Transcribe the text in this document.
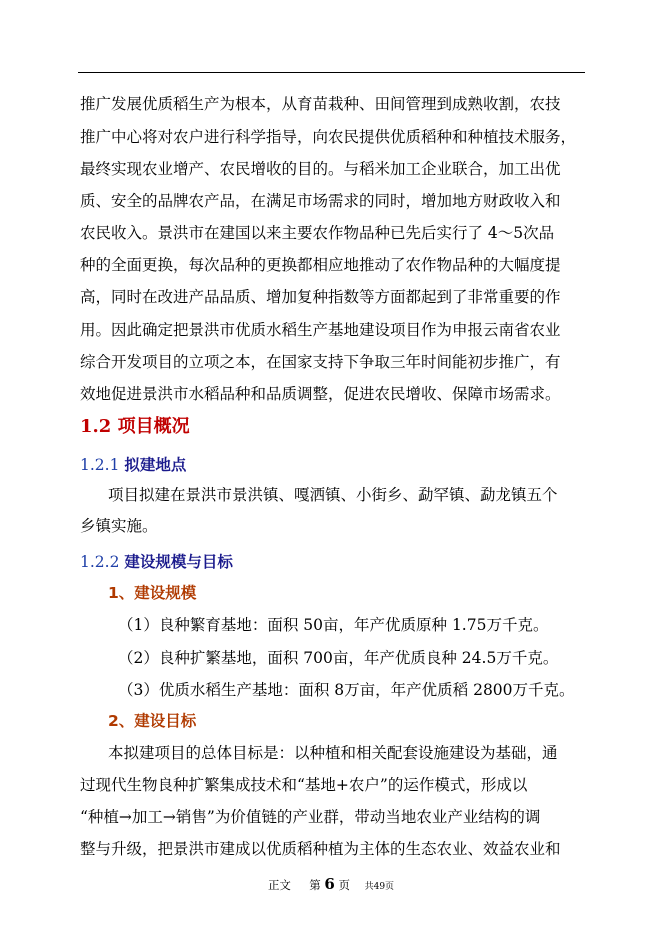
推广发展优质稻生产为根本，从育苗栽种、田间管理到成熟收割，农技
推广中心将对农户进行科学指导，向农民提供优质稻种和种植技术服务，
最终实现农业增产、农民增收的目的。与稻米加工企业联合，加工出优
质、安全的品牌农产品，在满足市场需求的同时，增加地方财政收入和
农民收入。景洪市在建国以来主要农作物品种已先后实行了 4～5次品
种的全面更换，每次品种的更换都相应地推动了农作物品种的大幅度提
高，同时在改进产品品质、增加复种指数等方面都起到了非常重要的作
用。因此确定把景洪市优质水稻生产基地建设项目作为申报云南省农业
综合开发项目的立项之本，在国家支持下争取三年时间能初步推广，有
效地促进景洪市水稻品种和品质调整，促进农民增收、保障市场需求。
1.2 项目概况
1.2.1 拟建地点
项目拟建在景洪市景洪镇、嘎洒镇、小街乡、勐罕镇、勐龙镇五个
乡镇实施。
1.2.2 建设规模与目标
1、建设规模
（1）良种繁育基地：面积 50亩，年产优质原种 1.75万千克。
（2）良种扩繁基地，面积 700亩，年产优质良种 24.5万千克。
（3）优质水稻生产基地：面积 8万亩，年产优质稻 2800万千克。
2、建设目标
本拟建项目的总体目标是：以种植和相关配套设施建设为基础，通
过现代生物良种扩繁集成技术和“基地+农户”的运作模式，形成以
“种植→加工→销售”为价值链的产业群，带动当地农业产业结构的调
整与升级，把景洪市建成以优质稻种植为主体的生态农业、效益农业和
正文 第 6 页 共49页
